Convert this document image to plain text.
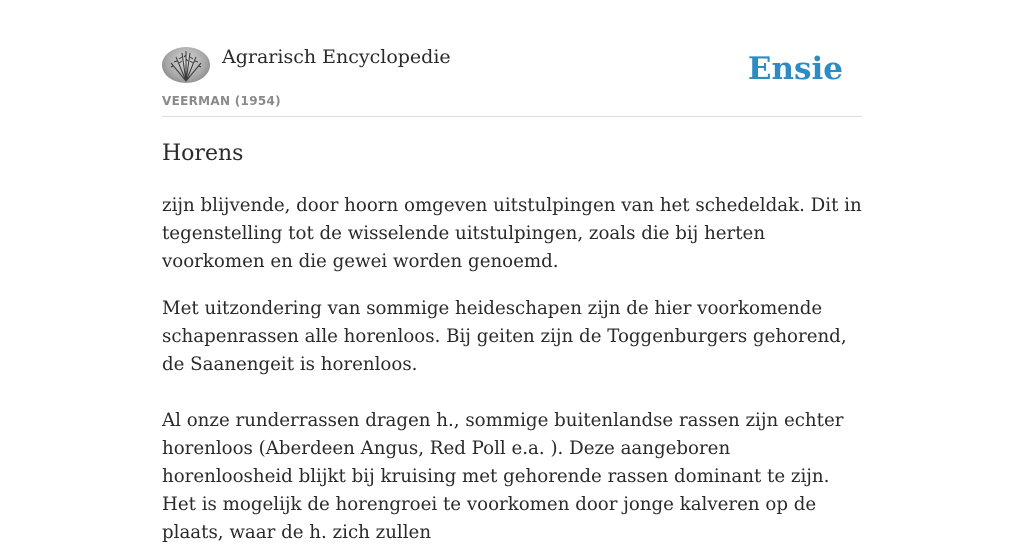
Agrarisch Encyclopedie
VEERMAN (1954)
Ensie
Horens

zijn blijvende, door hoorn omgeven uitstulpingen van het schedeldak. Dit in tegenstelling tot de wisselende uitstulpingen, zoals die bij herten voorkomen en die gewei worden genoemd.

Met uitzondering van sommige heideschapen zijn de hier voorkomende schapenrassen alle horenloos. Bij geiten zijn de Toggenburgers gehorend, de Saanengeit is horenloos.

Al onze runderrassen dragen h., sommige buitenlandse rassen zijn echter horenloos (Aberdeen Angus, Red Poll e.a. ). Deze aangeboren horenloosheid blijkt bij kruising met gehorende rassen dominant te zijn. Het is mogelijk de horengroei te voorkomen door jonge kalveren op de plaats, waar de h. zich zullen
